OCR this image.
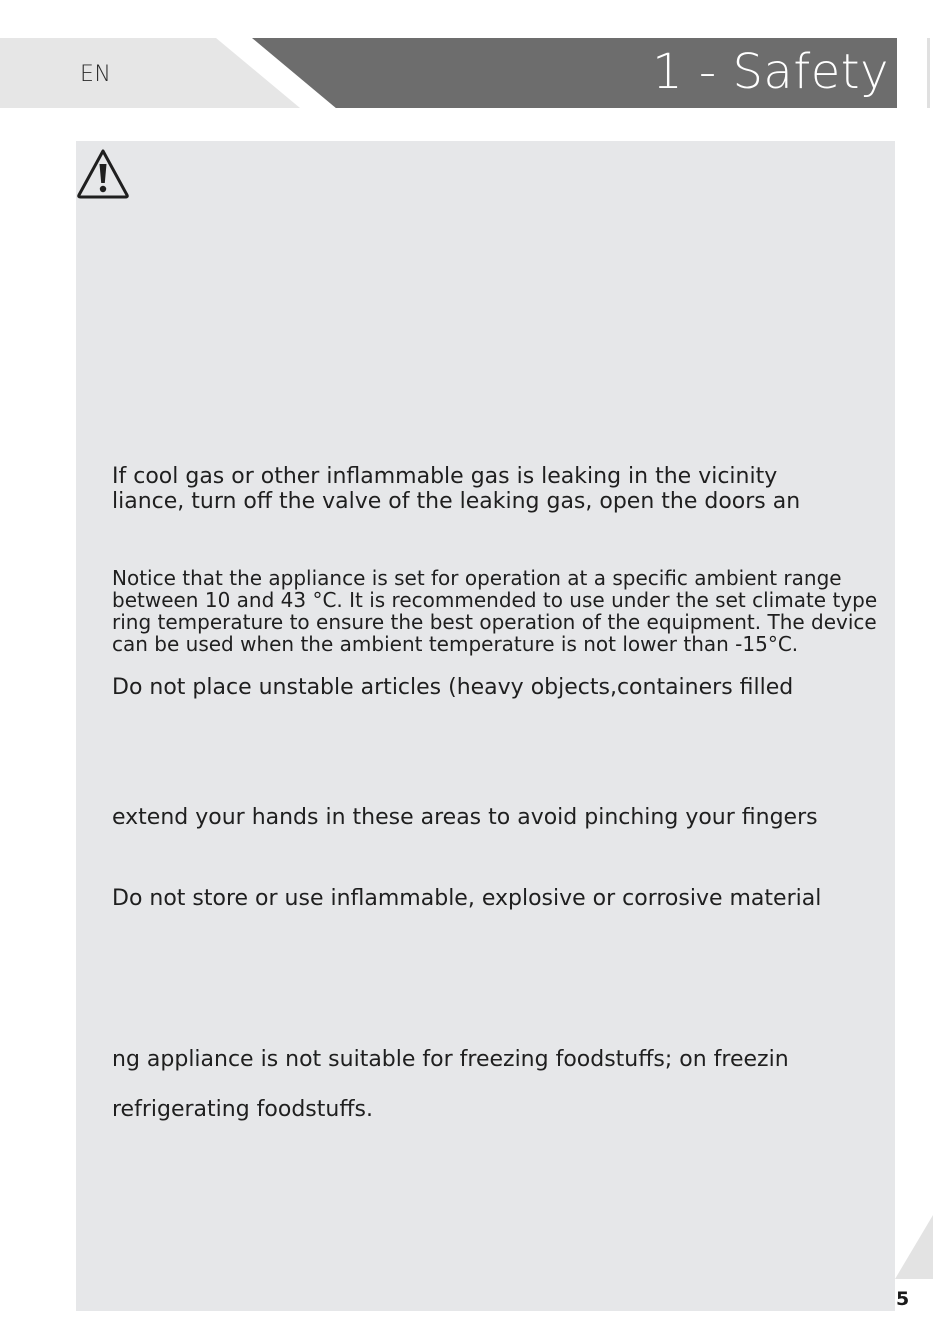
EN	1 - Safety

If cool gas or other inflammable gas is leaking in the vicinity
liance, turn off the valve of the leaking gas, open the doors an

Notice that the appliance is set for operation at a specific ambient range
between 10 and 43 °C. It is recommended to use under the set climate type
ring temperature to ensure the best operation of the equipment. The device
can be used when the ambient temperature is not lower than -15°C.

Do not place unstable articles (heavy objects,containers filled

extend your hands in these areas to avoid pinching your fingers

Do not store or use inflammable, explosive or corrosive material

ng appliance is not suitable for freezing foodstuffs; on freezin

refrigerating foodstuffs.

5
